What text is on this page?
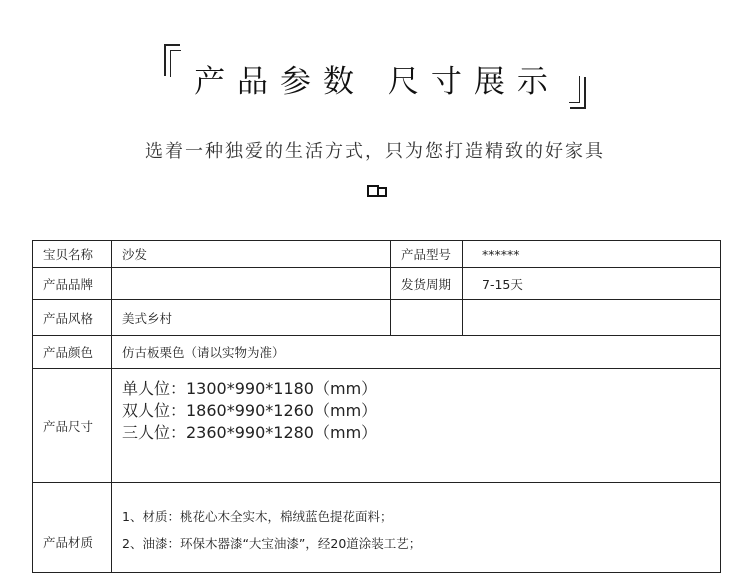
产品参数 尺寸展示
选着一种独爱的生活方式，只为您打造精致的好家具
宝贝名称	沙发	产品型号	******
产品品牌		发货周期	7-15天
产品风格	美式乡村		
产品颜色	仿古板栗色（请以实物为准）		
产品尺寸	单人位：1300*990*1180（mm）
双人位：1860*990*1260（mm）
三人位：2360*990*1280（mm）		

产品材质	1、材质：桃花心木全实木，棉绒蓝色提花面料；
2、油漆：环保木器漆“大宝油漆”，经20道涂装工艺；		
